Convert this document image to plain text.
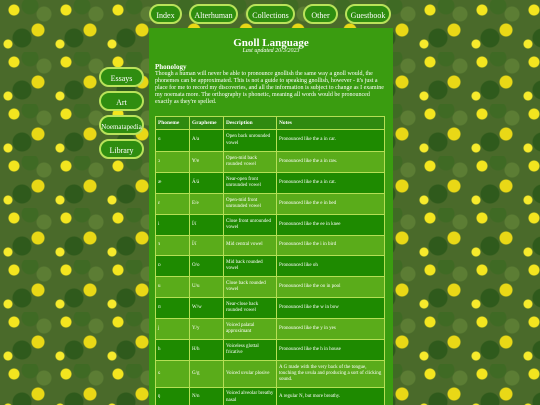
Index	Alterhuman	Collections	Other	Guestbook
Essays
Art
Noematapedia
Library
Gnoll Language
Last updated 20/3/2023
Phonology

Though a human will never be able to pronounce gnollish the same way a gnoll would, the phonemes can be approximated. This is not a guide to speaking gnollish, however - it's just a place for me to record my discoveries, and all the information is subject to change as I examine my noemata more. The orthography is phonetic, meaning all words would be pronounced exactly as they're spelled.

Phoneme	Grapheme	Description	Notes
ɑ	A/a	Open back unrounded vowel	Pronounced like the a in car.
ɔ	Ɐ/ɐ	Open-mid back rounded vowel	Pronounced like the a in raw.
æ	Ä/ä	Near-open front unrounded vowel	Pronounced like the a in cat.
ɛ	E/e	Open-mid front unrounded vowel	Pronounced like the e in bed
i	Í/í	Close front unrounded vowel	Pronounced like the ee in knee
ɜ	Ï/ï	Mid central vowel	Pronounced like the i in bird
ɒ	O/o	Mid back rounded vowel	Pronounced like oh
u	U/u	Close back rounded vowel	Pronounced like the oo in pool
ʊ	W/w	Near-close back rounded vowel	Pronounced like the w in bow
j	Y/y	Voiced palatal approximant	Pronounced like the y in yes
h	H/h	Voiceless glottal fricative	Pronounced like the h in house
ɢ	G/g	Voiced uvular plosive	A G made with the very back of the tongue, touching the uvula and producing a sort of clicking sound.
ŋ	N/n	Voiced alveolar breathy nasal	A regular N, but more breathy.
